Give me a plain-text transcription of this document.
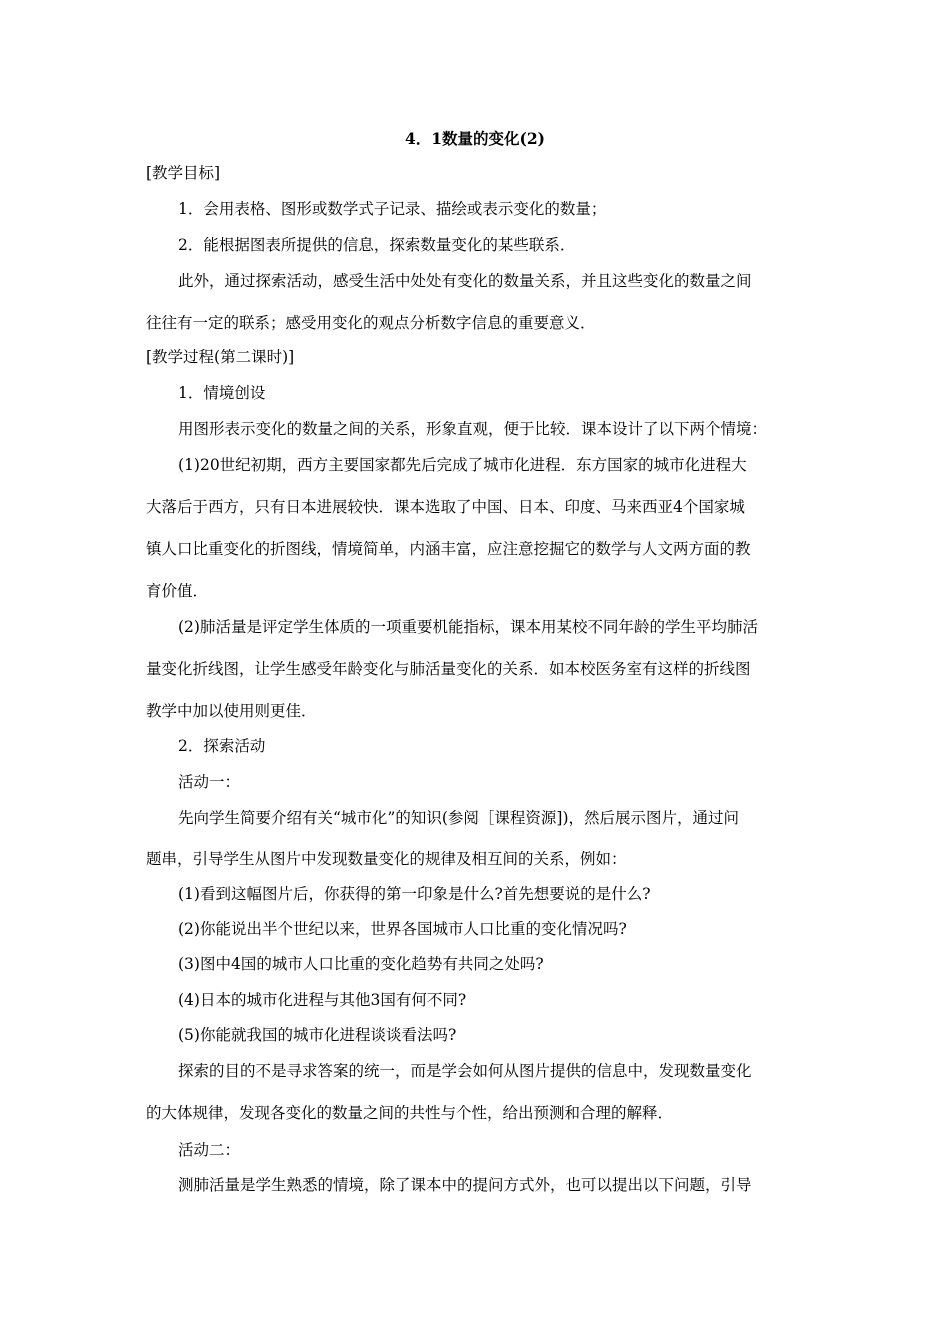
4．1数量的变化(2)
[教学目标]
1．会用表格、图形或数学式子记录、描绘或表示变化的数量；
2．能根据图表所提供的信息，探索数量变化的某些联系．
此外，通过探索活动，感受生活中处处有变化的数量关系，并且这些变化的数量之间
往往有一定的联系；感受用变化的观点分析数字信息的重要意义．
[教学过程(第二课时)]
1．情境创设
用图形表示变化的数量之间的关系，形象直观，便于比较．课本设计了以下两个情境：
(1)20世纪初期，西方主要国家都先后完成了城市化进程．东方国家的城市化进程大
大落后于西方，只有日本进展较快．课本选取了中国、日本、印度、马来西亚4个国家城
镇人口比重变化的折图线，情境简单，内涵丰富，应注意挖掘它的数学与人文两方面的教
育价值．
(2)肺活量是评定学生体质的一项重要机能指标，课本用某校不同年龄的学生平均肺活
量变化折线图，让学生感受年龄变化与肺活量变化的关系．如本校医务室有这样的折线图
教学中加以使用则更佳．
2．探索活动
活动一：
先向学生简要介绍有关“城市化”的知识(参阅［课程资源])，然后展示图片，通过问
题串，引导学生从图片中发现数量变化的规律及相互间的关系，例如：
(1)看到这幅图片后，你获得的第一印象是什么?首先想要说的是什么?
(2)你能说出半个世纪以来，世界各国城市人口比重的变化情况吗?
(3)图中4国的城市人口比重的变化趋势有共同之处吗?
(4)日本的城市化进程与其他3国有何不同?
(5)你能就我国的城市化进程谈谈看法吗?
探索的目的不是寻求答案的统一，而是学会如何从图片提供的信息中，发现数量变化
的大体规律，发现各变化的数量之间的共性与个性，给出预测和合理的解释．
活动二：
测肺活量是学生熟悉的情境，除了课本中的提问方式外，也可以提出以下问题，引导
